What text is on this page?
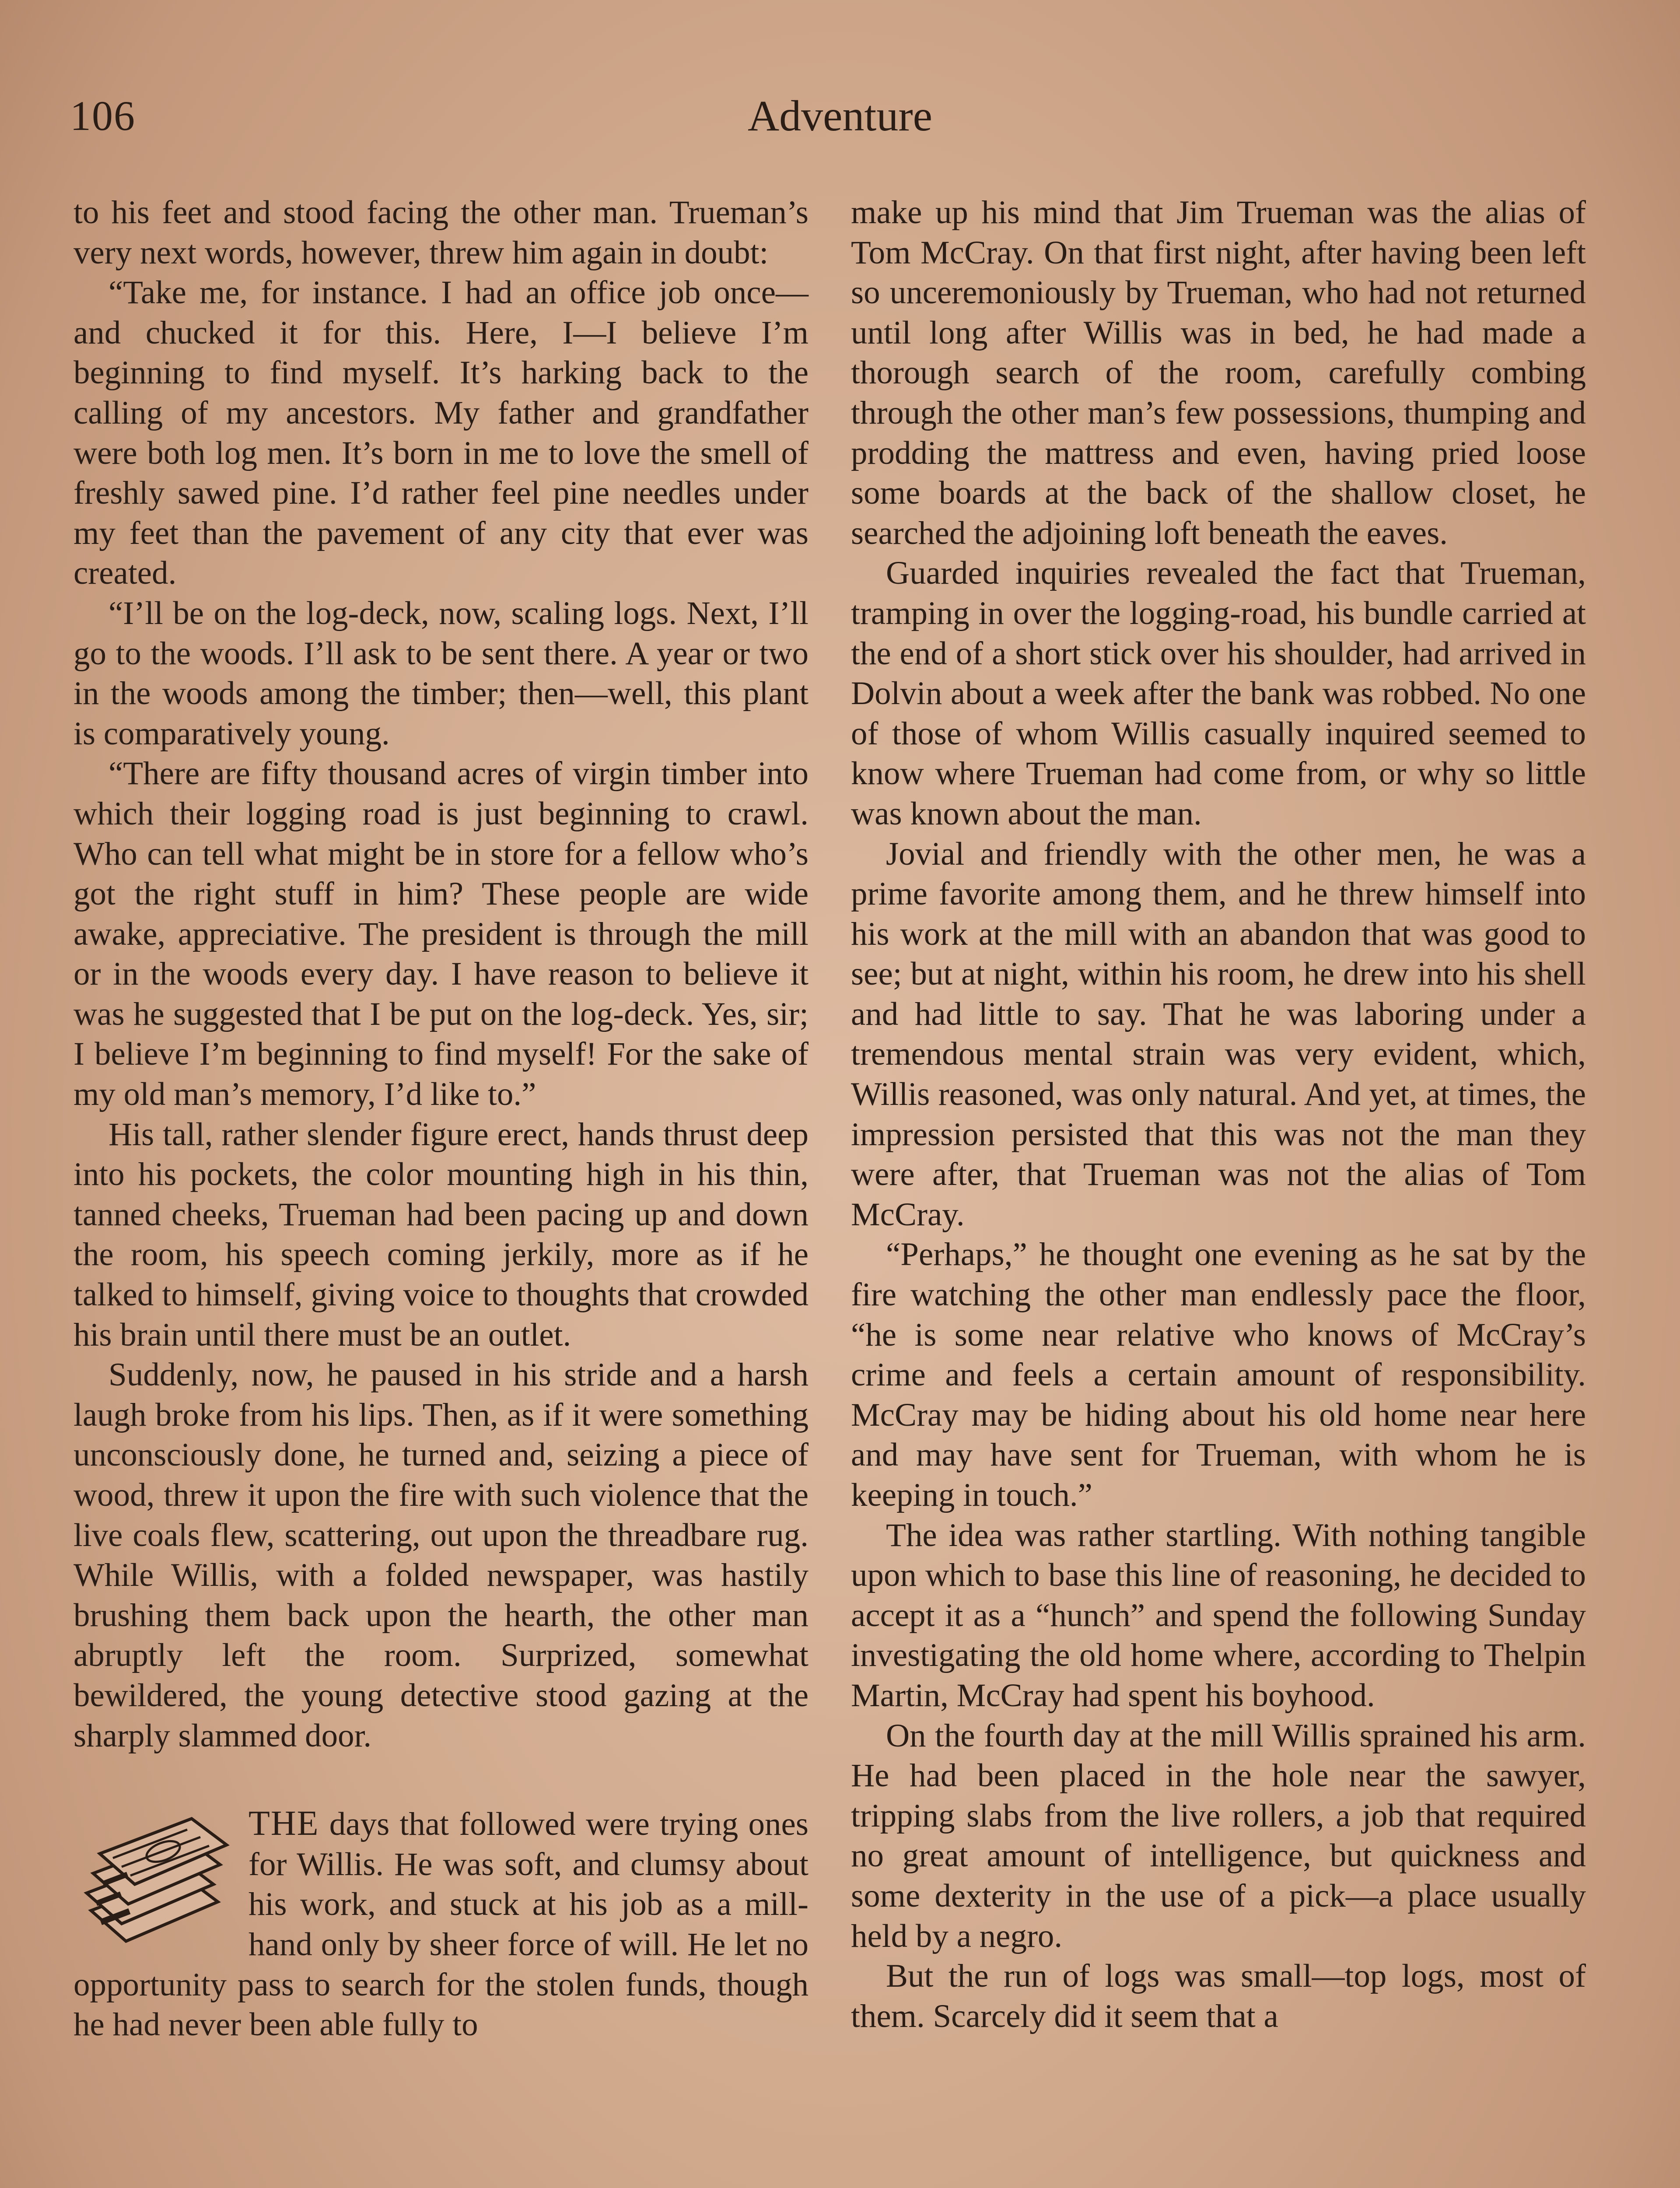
106	Adventure

to his feet and stood facing the other man. Trueman’s very next words, however, threw him again in doubt:

“Take me, for instance. I had an office job once—and chucked it for this. Here, I—I believe I’m beginning to find myself. It’s harking back to the calling of my ancestors. My father and grandfather were both log men. It’s born in me to love the smell of freshly sawed pine. I’d rather feel pine needles under my feet than the pavement of any city that ever was created.

“I’ll be on the log-deck, now, scaling logs. Next, I’ll go to the woods. I’ll ask to be sent there. A year or two in the woods among the timber; then—well, this plant is comparatively young.

“There are fifty thousand acres of virgin timber into which their logging road is just beginning to crawl. Who can tell what might be in store for a fellow who’s got the right stuff in him? These people are wide awake, appreciative. The president is through the mill or in the woods every day. I have reason to believe it was he suggested that I be put on the log-deck. Yes, sir; I believe I’m beginning to find myself! For the sake of my old man’s memory, I’d like to.”

His tall, rather slender figure erect, hands thrust deep into his pockets, the color mounting high in his thin, tanned cheeks, Trueman had been pacing up and down the room, his speech coming jerkily, more as if he talked to himself, giving voice to thoughts that crowded his brain until there must be an outlet.

Suddenly, now, he paused in his stride and a harsh laugh broke from his lips. Then, as if it were something unconsciously done, he turned and, seizing a piece of wood, threw it upon the fire with such violence that the live coals flew, scattering, out upon the threadbare rug. While Willis, with a folded newspaper, was hastily brushing them back upon the hearth, the other man abruptly left the room. Surprized, somewhat bewildered, the young detective stood gazing at the sharply slammed door.

THE days that followed were trying ones for Willis. He was soft, and clumsy about his work, and stuck at his job as a mill-hand only by sheer force of will. He let no opportunity pass to search for the stolen funds, though he had never been able fully to

make up his mind that Jim Trueman was the alias of Tom McCray. On that first night, after having been left so unceremoniously by Trueman, who had not returned until long after Willis was in bed, he had made a thorough search of the room, carefully combing through the other man’s few possessions, thumping and prodding the mattress and even, having pried loose some boards at the back of the shallow closet, he searched the adjoining loft beneath the eaves.

Guarded inquiries revealed the fact that Trueman, tramping in over the logging-road, his bundle carried at the end of a short stick over his shoulder, had arrived in Dolvin about a week after the bank was robbed. No one of those of whom Willis casually inquired seemed to know where Trueman had come from, or why so little was known about the man.

Jovial and friendly with the other men, he was a prime favorite among them, and he threw himself into his work at the mill with an abandon that was good to see; but at night, within his room, he drew into his shell and had little to say. That he was laboring under a tremendous mental strain was very evident, which, Willis reasoned, was only natural. And yet, at times, the impression persisted that this was not the man they were after, that Trueman was not the alias of Tom McCray.

“Perhaps,” he thought one evening as he sat by the fire watching the other man endlessly pace the floor, “he is some near relative who knows of McCray’s crime and feels a certain amount of responsibility. McCray may be hiding about his old home near here and may have sent for Trueman, with whom he is keeping in touch.”

The idea was rather startling. With nothing tangible upon which to base this line of reasoning, he decided to accept it as a “hunch” and spend the following Sunday investigating the old home where, according to Thelpin Martin, McCray had spent his boyhood.

On the fourth day at the mill Willis sprained his arm. He had been placed in the hole near the sawyer, tripping slabs from the live rollers, a job that required no great amount of intelligence, but quickness and some dexterity in the use of a pick—a place usually held by a negro.

But the run of logs was small—top logs, most of them. Scarcely did it seem that a
